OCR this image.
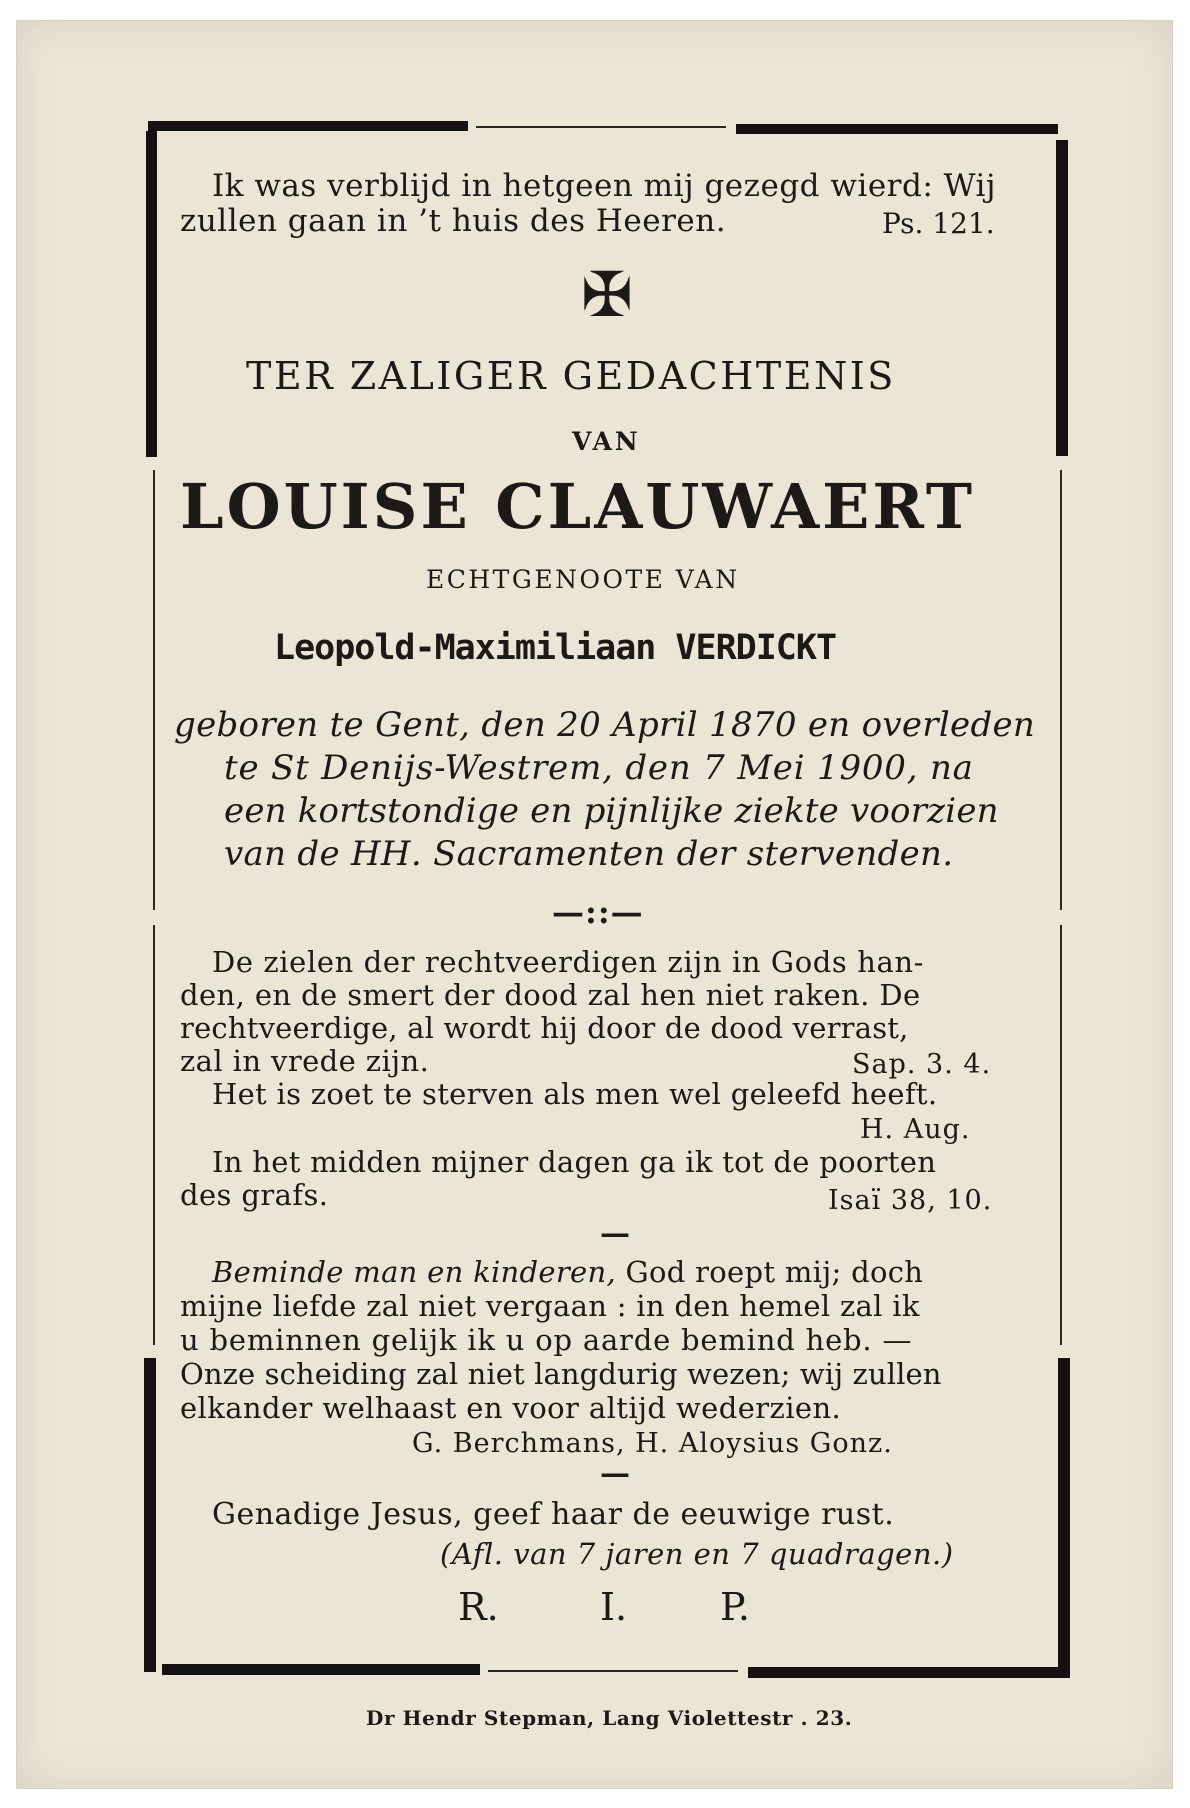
Ik was verblijd in hetgeen mij gezegd wierd: Wij
zullen gaan in ’t huis des Heeren.	Ps. 121.
✠
TER ZALIGER GEDACHTENIS
VAN
LOUISE CLAUWAERT
ECHTGENOOTE VAN
Leopold-Maximiliaan VERDICKT
geboren te Gent, den 20 April 1870 en overleden
te St Denijs-Westrem, den 7 Mei 1900, na
een kortstondige en pijnlijke ziekte voorzien
van de HH. Sacramenten der stervenden.
—::—
De zielen der rechtveerdigen zijn in Gods han-
den, en de smert der dood zal hen niet raken. De
rechtveerdige, al wordt hij door de dood verrast,
zal in vrede zijn.	Sap. 3. 4.
Het is zoet te sterven als men wel geleefd heeft.
H. Aug.
In het midden mijner dagen ga ik tot de poorten
des grafs.	Isaï 38, 10.
—
Beminde man en kinderen, God roept mij; doch
mijne liefde zal niet vergaan : in den hemel zal ik
u beminnen gelijk ik u op aarde bemind heb. —
Onze scheiding zal niet langdurig wezen; wij zullen
elkander welhaast en voor altijd wederzien.
G. Berchmans, H. Aloysius Gonz.
—
Genadige Jesus, geef haar de eeuwige rust.
(Afl. van 7 jaren en 7 quadragen.)
R.	I. P.
Dr Hendr Stepman, Lang Violettestr . 23.
